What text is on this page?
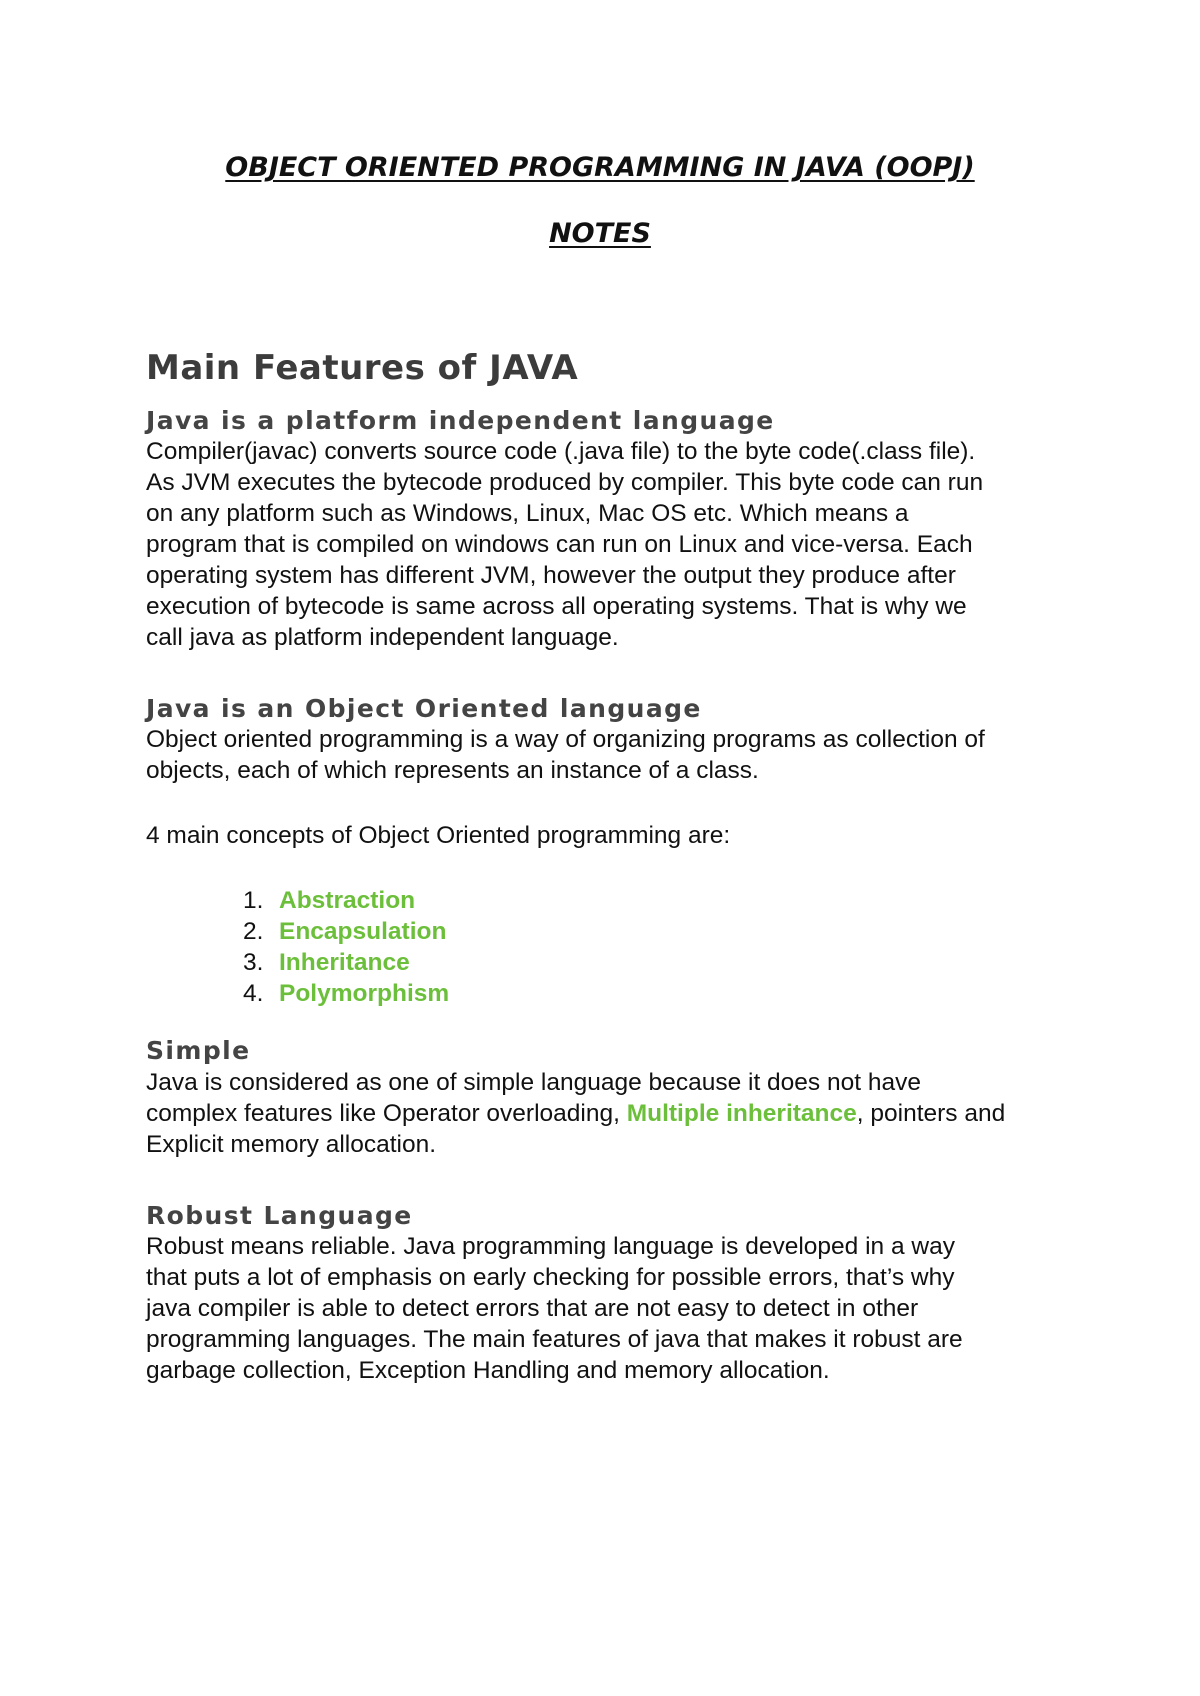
OBJECT ORIENTED PROGRAMMING IN JAVA (OOPJ)
NOTES
Main Features of JAVA
Java is a platform independent language
Compiler(javac) converts source code (.java file) to the byte code(.class file).
As JVM executes the bytecode produced by compiler. This byte code can run
on any platform such as Windows, Linux, Mac OS etc. Which means a
program that is compiled on windows can run on Linux and vice-versa. Each
operating system has different JVM, however the output they produce after
execution of bytecode is same across all operating systems. That is why we
call java as platform independent language.
Java is an Object Oriented language
Object oriented programming is a way of organizing programs as collection of
objects, each of which represents an instance of a class.
4 main concepts of Object Oriented programming are:
1. Abstraction
2. Encapsulation
3. Inheritance
4. Polymorphism
Simple
Java is considered as one of simple language because it does not have
complex features like Operator overloading, Multiple inheritance, pointers and
Explicit memory allocation.
Robust Language
Robust means reliable. Java programming language is developed in a way
that puts a lot of emphasis on early checking for possible errors, that’s why
java compiler is able to detect errors that are not easy to detect in other
programming languages. The main features of java that makes it robust are
garbage collection, Exception Handling and memory allocation.
